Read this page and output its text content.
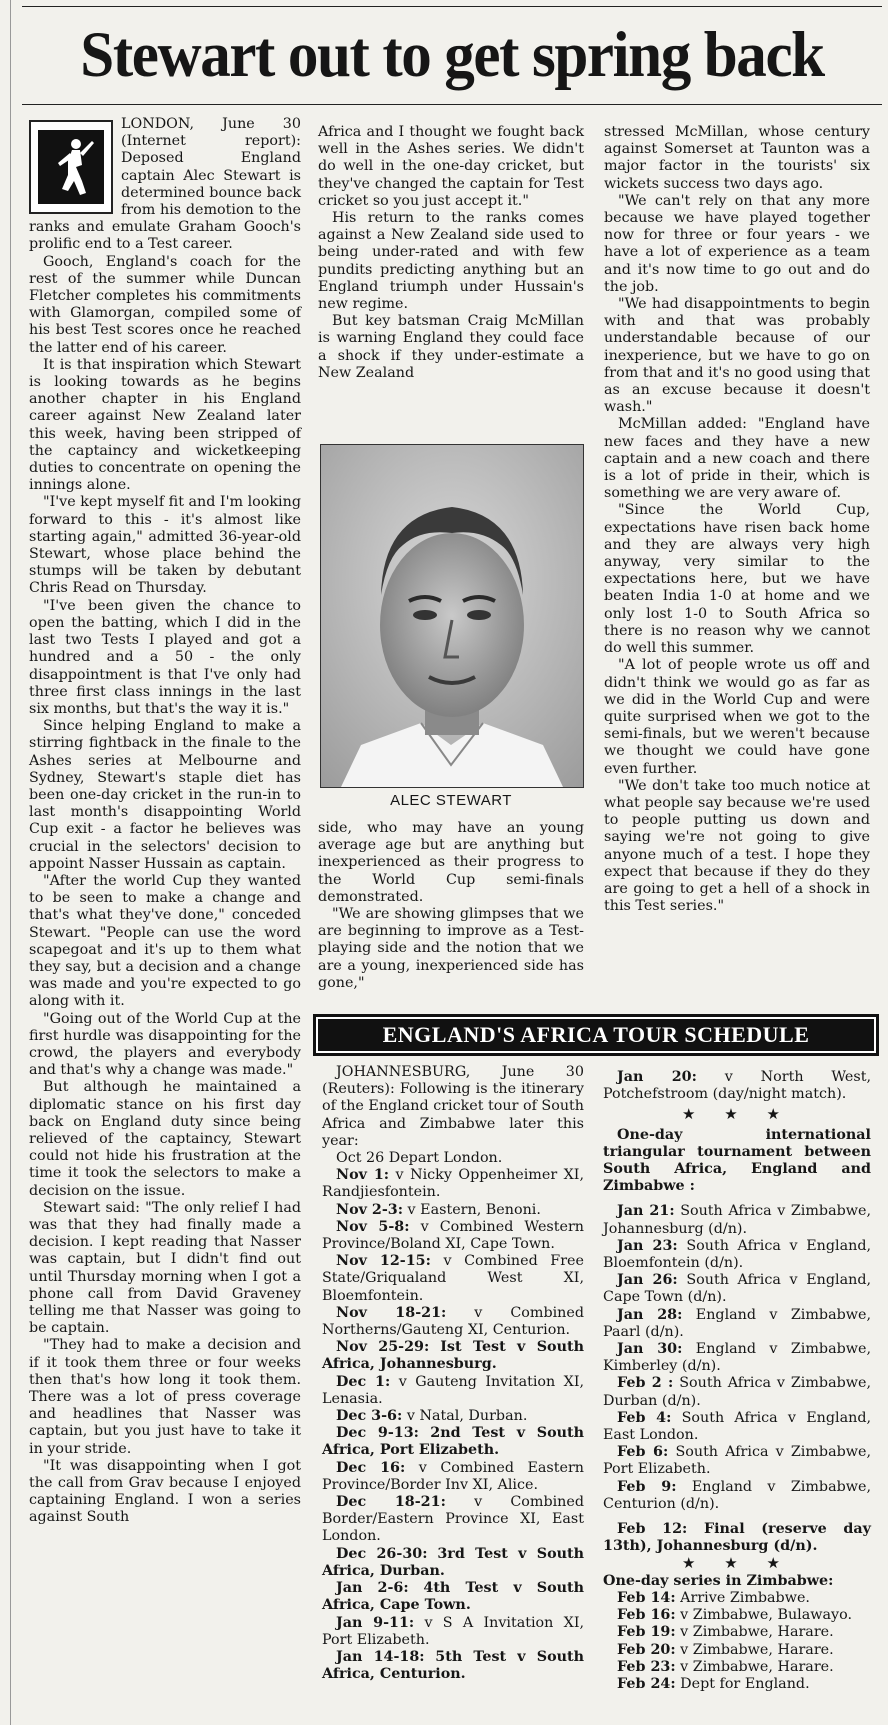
Stewart out to get spring back

LONDON, June 30 (Internet report): Deposed England captain Alec Stewart is determined bounce back from his demotion to the ranks and emulate Graham Gooch's prolific end to a Test career.

Gooch, England's coach for the rest of the summer while Duncan Fletcher completes his commitments with Glamorgan, compiled some of his best Test scores once he reached the latter end of his career.

It is that inspiration which Stewart is looking towards as he begins another chapter in his England career against New Zealand later this week, having been stripped of the captaincy and wicketkeeping duties to concentrate on opening the innings alone.

"I've kept myself fit and I'm looking forward to this - it's almost like starting again," admitted 36-year-old Stewart, whose place behind the stumps will be taken by debutant Chris Read on Thursday.

"I've been given the chance to open the batting, which I did in the last two Tests I played and got a hundred and a 50 - the only disappointment is that I've only had three first class innings in the last six months, but that's the way it is."

Since helping England to make a stirring fightback in the finale to the Ashes series at Melbourne and Sydney, Stewart's staple diet has been one-day cricket in the run-in to last month's disappointing World Cup exit - a factor he believes was crucial in the selectors' decision to appoint Nasser Hussain as captain.

"After the world Cup they wanted to be seen to make a change and that's what they've done," conceded Stewart. "People can use the word scapegoat and it's up to them what they say, but a decision and a change was made and you're expected to go along with it.

"Going out of the World Cup at the first hurdle was disappointing for the crowd, the players and everybody and that's why a change was made."

But although he maintained a diplomatic stance on his first day back on England duty since being relieved of the captaincy, Stewart could not hide his frustration at the time it took the selectors to make a decision on the issue.

Stewart said: "The only relief I had was that they had finally made a decision. I kept reading that Nasser was captain, but I didn't find out until Thursday morning when I got a phone call from David Graveney telling me that Nasser was going to be captain.

"They had to make a decision and if it took them three or four weeks then that's how long it took them. There was a lot of press coverage and headlines that Nasser was captain, but you just have to take it in your stride.

"It was disappointing when I got the call from Grav because I enjoyed captaining England. I won a series against South

Africa and I thought we fought back well in the Ashes series. We didn't do well in the one-day cricket, but they've changed the captain for Test cricket so you just accept it."

His return to the ranks comes against a New Zealand side used to being under-rated and with few pundits predicting anything but an England triumph under Hussain's new regime.

But key batsman Craig McMillan is warning England they could face a shock if they under-estimate a New Zealand

ALEC STEWART

side, who may have an young average age but are anything but inexperienced as their progress to the World Cup semi-finals demonstrated.

"We are showing glimpses that we are beginning to improve as a Test-playing side and the notion that we are a young, inexperienced side has gone,"

stressed McMillan, whose century against Somerset at Taunton was a major factor in the tourists' six wickets success two days ago.

"We can't rely on that any more because we have played together now for three or four years - we have a lot of experience as a team and it's now time to go out and do the job.

"We had disappointments to begin with and that was probably understandable because of our inexperience, but we have to go on from that and it's no good using that as an excuse because it doesn't wash."

McMillan added: "England have new faces and they have a new captain and a new coach and there is a lot of pride in their, which is something we are very aware of.

"Since the World Cup, expectations have risen back home and they are always very high anyway, very similar to the expectations here, but we have beaten India 1-0 at home and we only lost 1-0 to South Africa so there is no reason why we cannot do well this summer.

"A lot of people wrote us off and didn't think we would go as far as we did in the World Cup and were quite surprised when we got to the semi-finals, but we weren't because we thought we could have gone even further.

"We don't take too much notice at what people say because we're used to people putting us down and saying we're not going to give anyone much of a test. I hope they expect that because if they do they are going to get a hell of a shock in this Test series."

ENGLAND'S AFRICA TOUR SCHEDULE

JOHANNESBURG, June 30 (Reuters): Following is the itinerary of the England cricket tour of South Africa and Zimbabwe later this year:

Oct 26 Depart London.

Nov 1: v Nicky Oppenheimer XI, Randjiesfontein.

Nov 2-3: v Eastern, Benoni.

Nov 5-8: v Combined Western Province/Boland XI, Cape Town.

Nov 12-15: v Combined Free State/Griqualand West XI, Bloemfontein.

Nov 18-21: v Combined Northerns/Gauteng XI, Centurion.

Nov 25-29: Ist Test v South Africa, Johannesburg.

Dec 1: v Gauteng Invitation XI, Lenasia.

Dec 3-6: v Natal, Durban.

Dec 9-13: 2nd Test v South Africa, Port Elizabeth.

Dec 16: v Combined Eastern Province/Border Inv XI, Alice.

Dec 18-21: v Combined Border/Eastern Province XI, East London.

Dec 26-30: 3rd Test v South Africa, Durban.

Jan 2-6: 4th Test v South Africa, Cape Town.

Jan 9-11: v S A Invitation XI, Port Elizabeth.

Jan 14-18: 5th Test v South Africa, Centurion.

Jan 20: v North West, Potchefstroom (day/night match).

★ ★ ★

One-day international triangular tournament between South Africa, England and Zimbabwe :

Jan 21: South Africa v Zimbabwe, Johannesburg (d/n).

Jan 23: South Africa v England, Bloemfontein (d/n).

Jan 26: South Africa v England, Cape Town (d/n).

Jan 28: England v Zimbabwe, Paarl (d/n).

Jan 30: England v Zimbabwe, Kimberley (d/n).

Feb 2 : South Africa v Zimbabwe, Durban (d/n).

Feb 4: South Africa v England, East London.

Feb 6: South Africa v Zimbabwe, Port Elizabeth.

Feb 9: England v Zimbabwe, Centurion (d/n).

Feb 12: Final (reserve day 13th), Johannesburg (d/n).

★ ★ ★

One-day series in Zimbabwe:

Feb 14: Arrive Zimbabwe.

Feb 16: v Zimbabwe, Bulawayo.

Feb 19: v Zimbabwe, Harare.

Feb 20: v Zimbabwe, Harare.

Feb 23: v Zimbabwe, Harare.

Feb 24: Dept for England.
